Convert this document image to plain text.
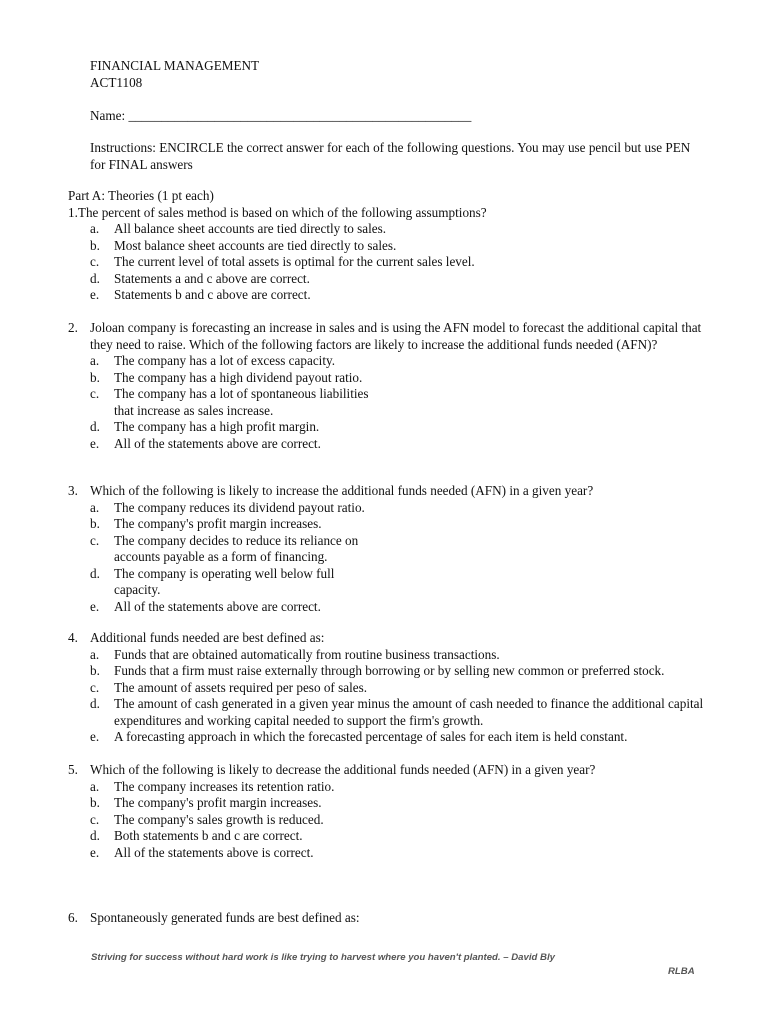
FINANCIAL MANAGEMENT
ACT1108
Name: ____________________________________________________
Instructions: ENCIRCLE the correct answer for each of the following questions. You may use pencil but use PEN for FINAL answers
Part A: Theories (1 pt each)
1. The percent of sales method is based on which of the following assumptions?
a.	All balance sheet accounts are tied directly to sales.
b.	Most balance sheet accounts are tied directly to sales.
c.	The current level of total assets is optimal for the current sales level.
d.	Statements a and c above are correct.
e.	Statements b and c above are correct.
2. Joloan company is forecasting an increase in sales and is using the AFN model to forecast the additional capital that they need to raise. Which of the following factors are likely to increase the additional funds needed (AFN)?
a.	The company has a lot of excess capacity.
b.	The company has a high dividend payout ratio.
c.	The company has a lot of spontaneous liabilities
that increase as sales increase.
d.	The company has a high profit margin.
e.	All of the statements above are correct.
3. Which of the following is likely to increase the additional funds needed (AFN) in a given year?
a.	The company reduces its dividend payout ratio.
b.	The company's profit margin increases.
c.	The company decides to reduce its reliance on
accounts payable as a form of financing.
d.	The company is operating well below full
capacity.
e.	All of the statements above are correct.
4. Additional funds needed are best defined as:
a.	Funds that are obtained automatically from routine business transactions.
b.	Funds that a firm must raise externally through borrowing or by selling new common or preferred stock.
c.	The amount of assets required per peso of sales.
d.	The amount of cash generated in a given year minus the amount of cash needed to finance the additional capital expenditures and working capital needed to support the firm's growth.
e.	A forecasting approach in which the forecasted percentage of sales for each item is held constant.
5. Which of the following is likely to decrease the additional funds needed (AFN) in a given year?
a.	The company increases its retention ratio.
b.	The company's profit margin increases.
c.	The company's sales growth is reduced.
d.	Both statements b and c are correct.
e.	All of the statements above is correct.
6. Spontaneously generated funds are best defined as:
Striving for success without hard work is like trying to harvest where you haven't planted. – David Bly
RLBA
